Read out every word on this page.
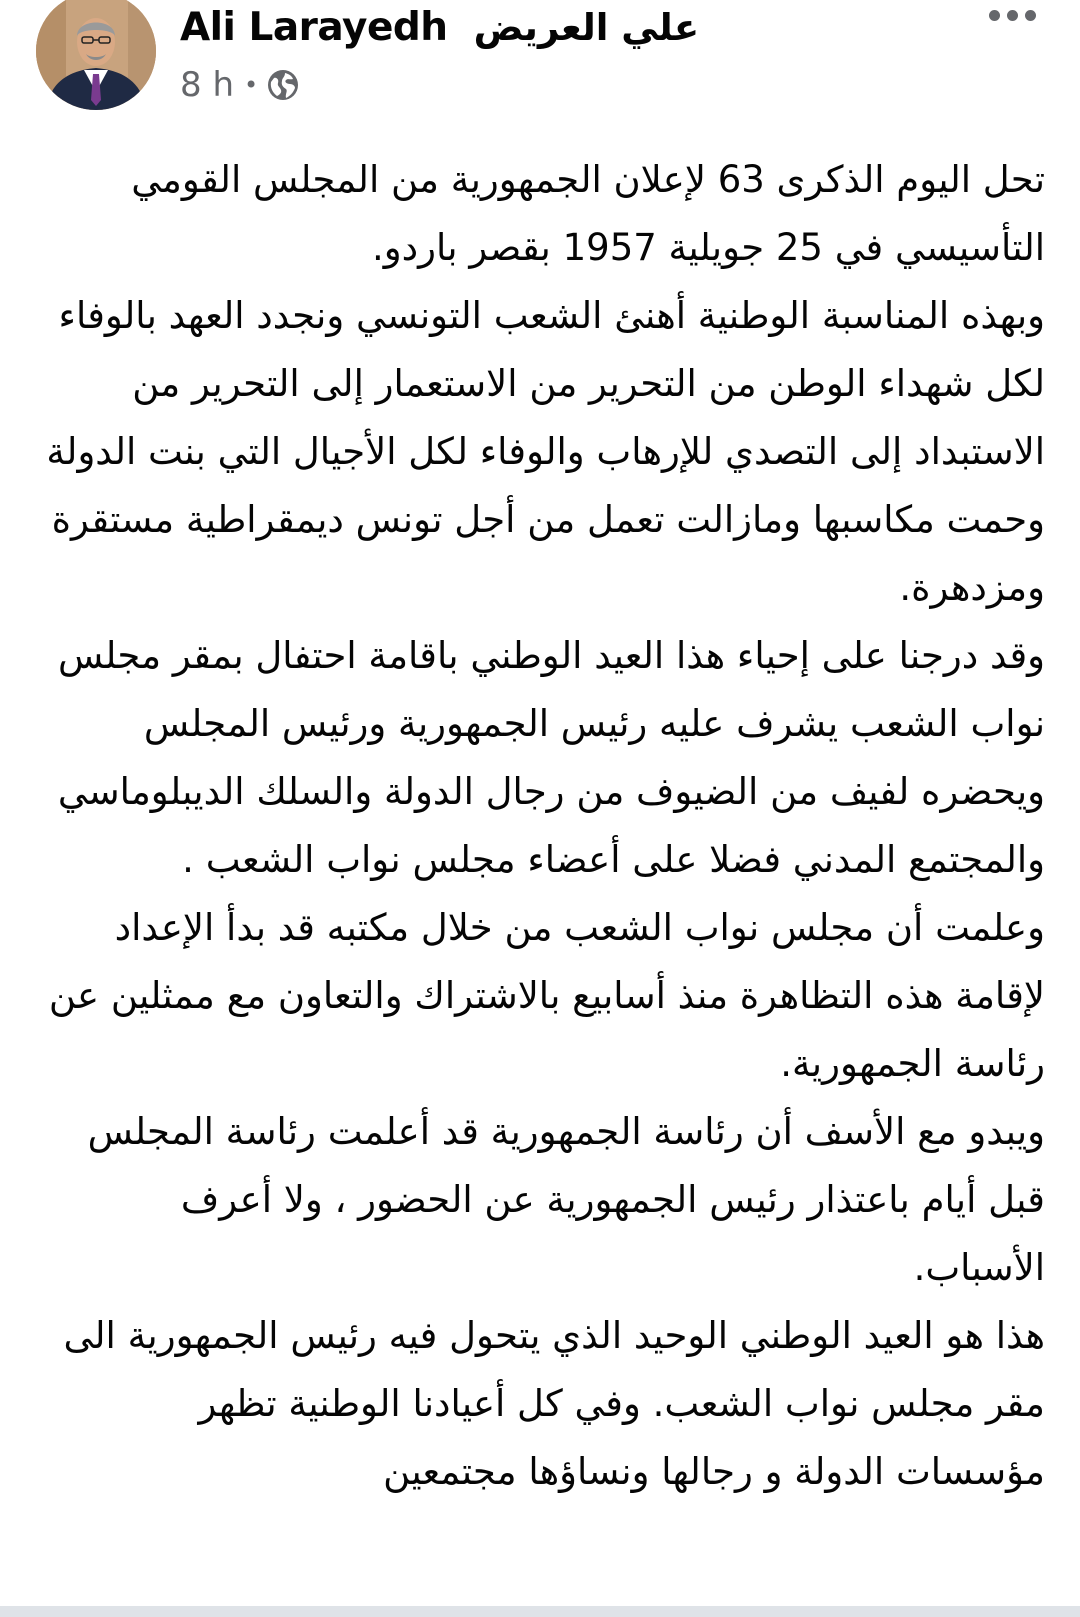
Ali Larayedh علي العريض
8 h •

تحل اليوم الذكرى 63 لإعلان الجمهورية من المجلس القومي التأسيسي في 25 جويلية 1957 بقصر باردو.

وبهذه المناسبة الوطنية أهنئ الشعب التونسي ونجدد العهد بالوفاء لكل شهداء الوطن من التحرير من الاستعمار إلى التحرير من الاستبداد إلى التصدي للإرهاب والوفاء لكل الأجيال التي بنت الدولة وحمت مكاسبها ومازالت تعمل من أجل تونس ديمقراطية مستقرة ومزدهرة.

وقد درجنا على إحياء هذا العيد الوطني باقامة احتفال بمقر مجلس نواب الشعب يشرف عليه رئيس الجمهورية ورئيس المجلس ويحضره لفيف من الضيوف من رجال الدولة والسلك الديبلوماسي والمجتمع المدني فضلا على أعضاء مجلس نواب الشعب .

وعلمت أن مجلس نواب الشعب من خلال مكتبه قد بدأ الإعداد لإقامة هذه التظاهرة منذ أسابيع بالاشتراك والتعاون مع ممثلين عن رئاسة الجمهورية.

ويبدو مع الأسف أن رئاسة الجمهورية قد أعلمت رئاسة المجلس قبل أيام باعتذار رئيس الجمهورية عن الحضور ، ولا أعرف الأسباب.

هذا هو العيد الوطني الوحيد الذي يتحول فيه رئيس الجمهورية الى مقر مجلس نواب الشعب. وفي كل أعيادنا الوطنية تظهر مؤسسات الدولة و رجالها ونساؤها مجتمعين
